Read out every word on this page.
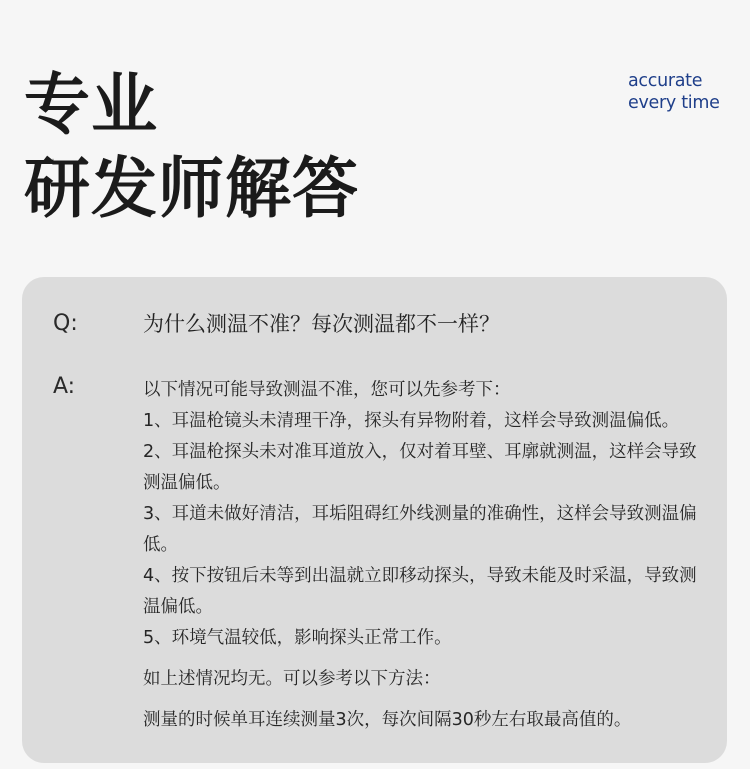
专业
研发师解答
accurate
every time
Q:	为什么测温不准？每次测温都不一样？
A:	以下情况可能导致测温不准，您可以先参考下：

1、耳温枪镜头未清理干净，探头有异物附着，这样会导致测温偏低。

2、耳温枪探头未对准耳道放入，仅对着耳壁、耳廓就测温，这样会导致测温偏低。

3、耳道未做好清洁，耳垢阻碍红外线测量的准确性，这样会导致测温偏低。

4、按下按钮后未等到出温就立即移动探头，导致未能及时采温，导致测温偏低。

5、环境气温较低，影响探头正常工作。

如上述情况均无。可以参考以下方法：

测量的时候单耳连续测量3次，每次间隔30秒左右取最高值的。
